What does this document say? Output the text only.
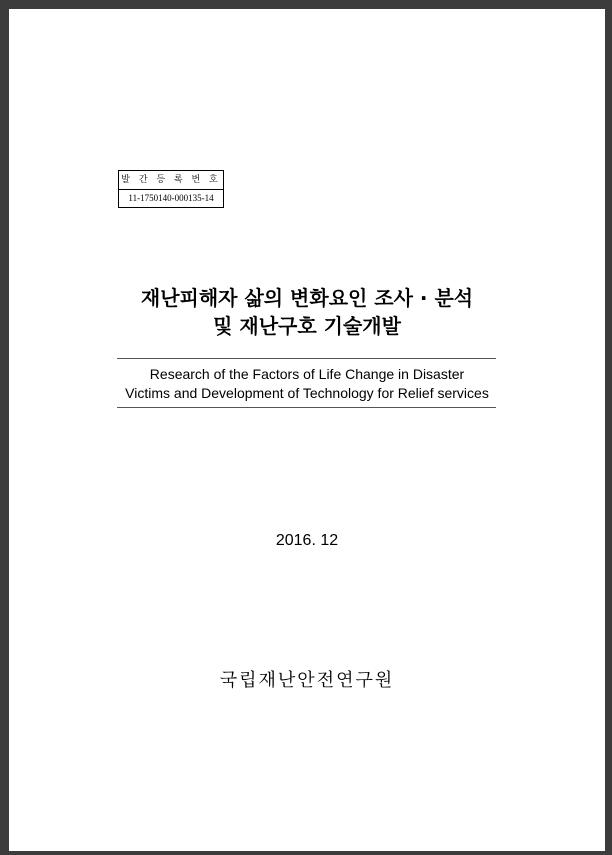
발 간 등 록 번 호
11-1750140-000135-14
재난피해자 삶의 변화요인 조사 · 분석
및 재난구호 기술개발
Research of the Factors of Life Change in Disaster
Victims and Development of Technology for Relief services
2016. 12
국립재난안전연구원
